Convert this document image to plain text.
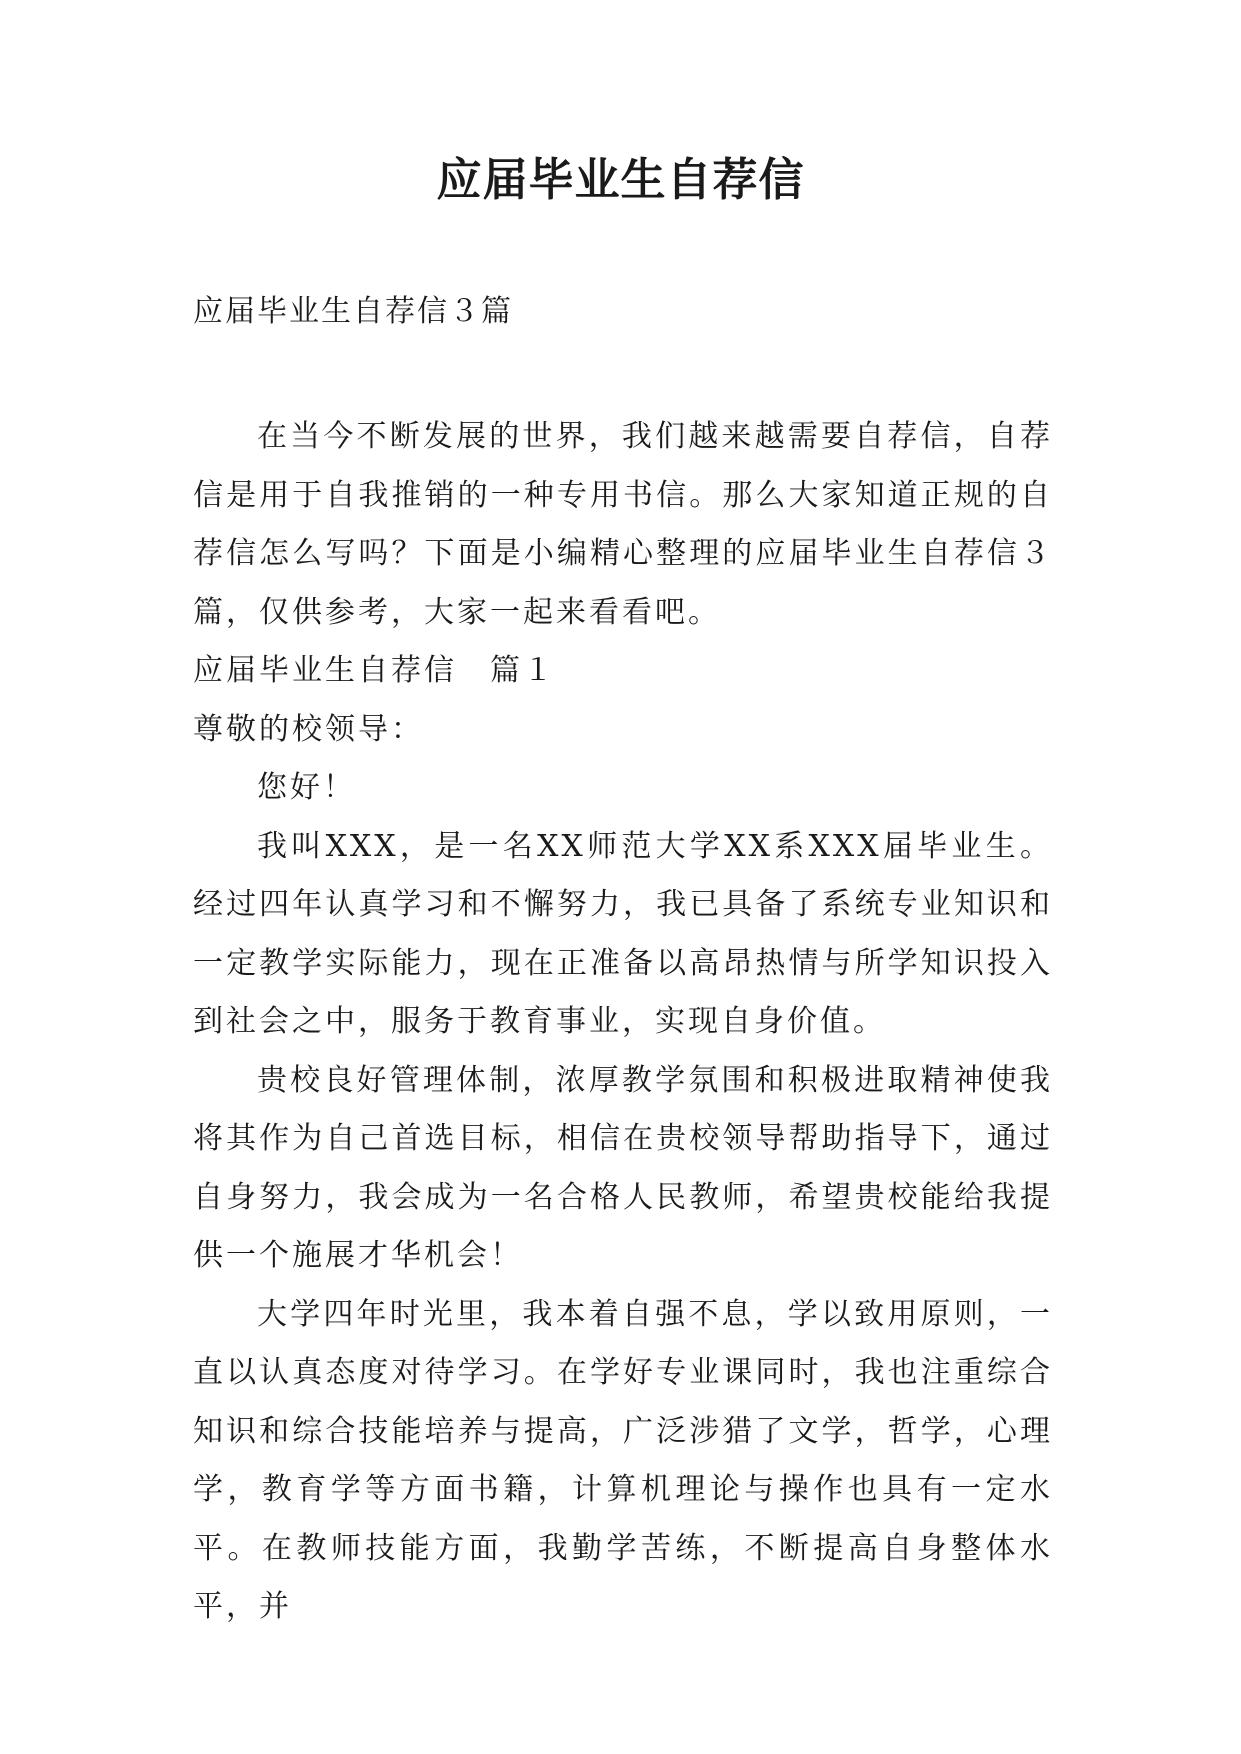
应届毕业生自荐信

应届毕业生自荐信３篇

在当今不断发展的世界，我们越来越需要自荐信，自荐信是用于自我推销的一种专用书信。那么大家知道正规的自荐信怎么写吗？下面是小编精心整理的应届毕业生自荐信３篇，仅供参考，大家一起来看看吧。

应届毕业生自荐信　篇１

尊敬的校领导：

您好！

我叫XXX，是一名XX师范大学XX系XXX届毕业生。经过四年认真学习和不懈努力，我已具备了系统专业知识和一定教学实际能力，现在正准备以高昂热情与所学知识投入到社会之中，服务于教育事业，实现自身价值。

贵校良好管理体制，浓厚教学氛围和积极进取精神使我将其作为自己首选目标，相信在贵校领导帮助指导下，通过自身努力，我会成为一名合格人民教师，希望贵校能给我提供一个施展才华机会！

大学四年时光里，我本着自强不息，学以致用原则，一直以认真态度对待学习。在学好专业课同时，我也注重综合知识和综合技能培养与提高，广泛涉猎了文学，哲学，心理学，教育学等方面书籍，计算机理论与操作也具有一定水平。在教师技能方面，我勤学苦练，不断提高自身整体水平，并
